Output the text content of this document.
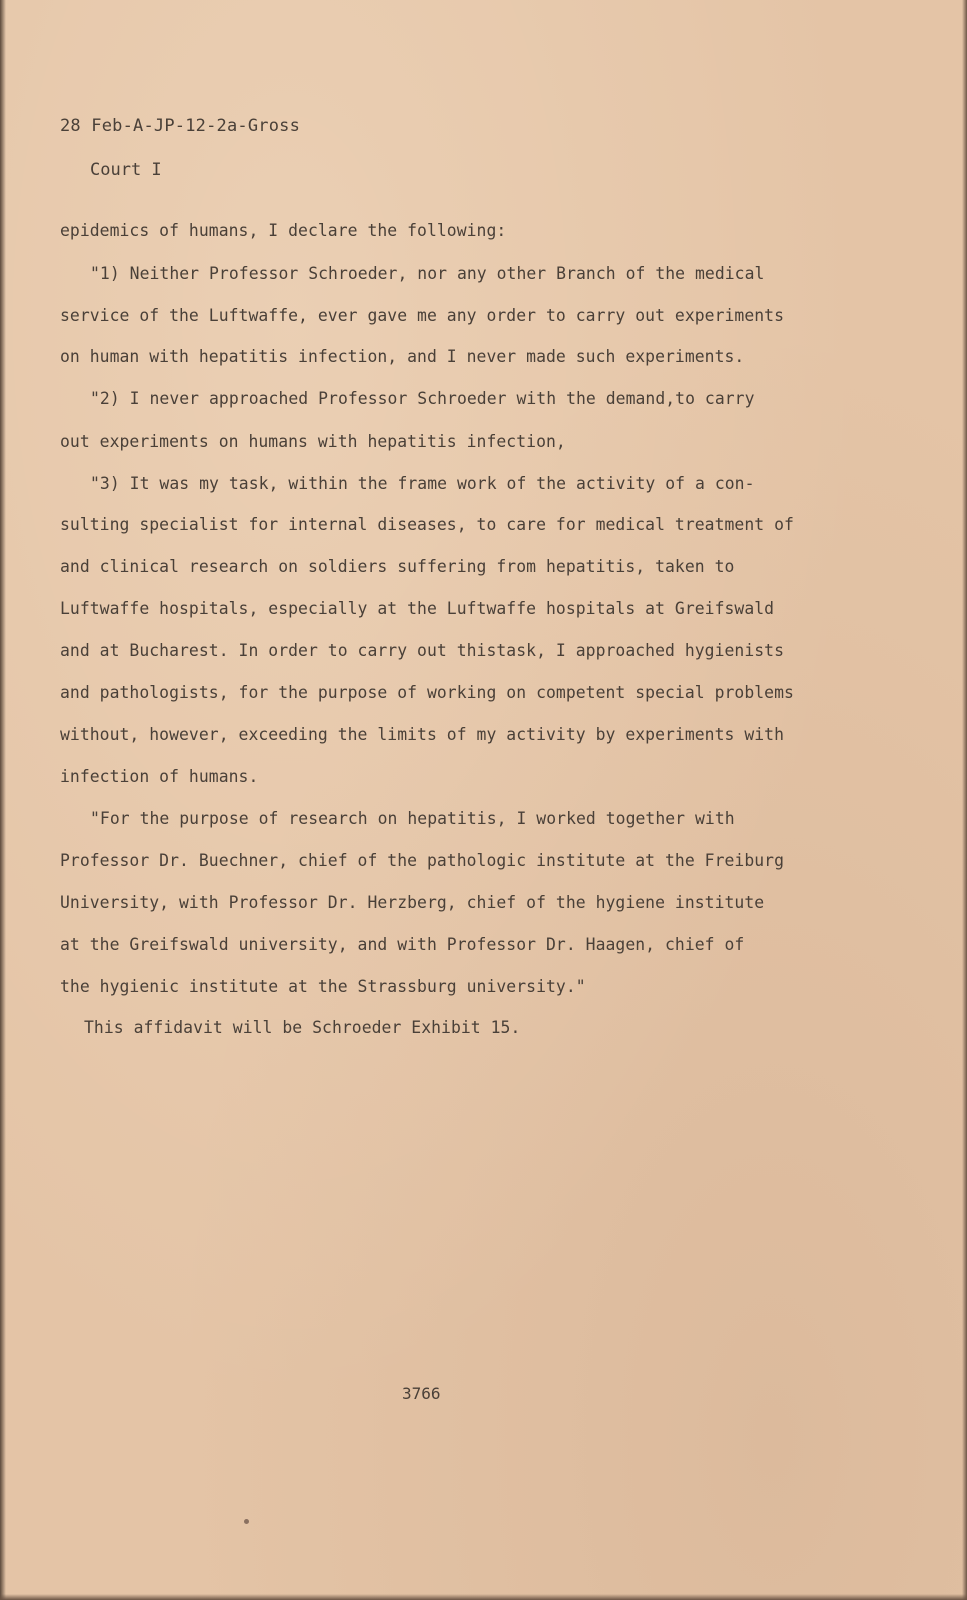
28 Feb-A-JP-12-2a-Gross
Court I
epidemics of humans, I declare the following:
"1) Neither Professor Schroeder, nor any other Branch of the medical
service of the Luftwaffe, ever gave me any order to carry out experiments
on human with hepatitis infection, and I never made such experiments.
"2) I never approached Professor Schroeder with the demand,to carry
out experiments on humans with hepatitis infection,
"3) It was my task, within the frame work of the activity of a con-
sulting specialist for internal diseases, to care for medical treatment of
and clinical research on soldiers suffering from hepatitis, taken to
Luftwaffe hospitals, especially at the Luftwaffe hospitals at Greifswald
and at Bucharest. In order to carry out thistask, I approached hygienists
and pathologists, for the purpose of working on competent special problems
without, however, exceeding the limits of my activity by experiments with
infection of humans.
"For the purpose of research on hepatitis, I worked together with
Professor Dr. Buechner, chief of the pathologic institute at the Freiburg
University, with Professor Dr. Herzberg, chief of the hygiene institute
at the Greifswald university, and with Professor Dr. Haagen, chief of
the hygienic institute at the Strassburg university."
This affidavit will be Schroeder Exhibit 15.
3766
